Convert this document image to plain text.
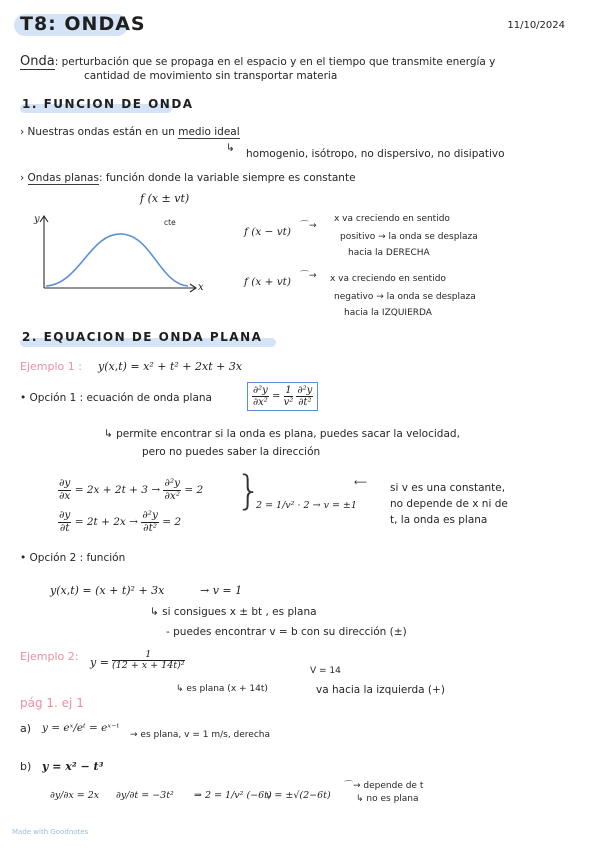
T8: ONDAS	11/10/2024
Onda: perturbación que se propaga en el espacio y en el tiempo que transmite energía y
cantidad de movimiento sin transportar materia
1. FUNCION DE ONDA
› Nuestras ondas están en un medio ideal
↳ homogenio, isótropo, no dispersivo, no disipativo
› Ondas planas: función donde la variable siempre es constante
f (x ± vt)
cte
y
x
f (x − vt) ⌒→
x va creciendo en sentido
positivo → la onda se desplaza
hacia la DERECHA
f (x + vt) ⌒→ x va creciendo en sentido
negativo → la onda se desplaza
hacia la IZQUIERDA
2. EQUACION DE ONDA PLANA
Ejemplo 1 : y(x,t) = x² + t² + 2xt + 3x
• Opción 1 : ecuación de onda plana	$\frac{\text{∂²y}}{\text{∂x²}} = \frac{1}{\text{v²}}$
$\frac{\text{∂²y}}{\text{∂t²}}$
↳ permite encontrar si la onda es plana, puedes sacar la velocidad,
pero no puedes saber la dirección
$\frac{\partial y}{\partial x} = 2x + 2t + 3 \to \frac{\text{∂²y}}{\text{∂x²}} = 2$
$\frac{\partial y}{\partial t} = 2t + 2x \to \frac{\text{∂²y}}{\text{∂t²}} = 2$
}
2 = 1/v² · 2 → v = ±1
⟵ si v es una constante,
no depende de x ni de
t, la onda es plana
• Opción 2 : función
y(x,t) = (x + t)² + 3x	→ v = 1
↳ si consigues x ± bt , es plana
- puedes encontrar v = b con su dirección (±)
Ejemplo 2: $y = \frac{1}{\text{(12 + x + 14t)²}}$
↳ es plana (x + 14t)
V = 14
va hacia la izquierda (+)
pág 1. ej 1
a) y = eˣ/eᵗ = eˣ⁻ᵗ
→ es plana, v = 1 m/s, derecha
b) y = x² − t³
∂y/∂x = 2x ∂y/∂t = −3t² ⇒ 2 = 1/v² (−6t)
v = ±√(2−6t)
⌒→ depende de t
↳ no es plana
Made with Goodnotes
